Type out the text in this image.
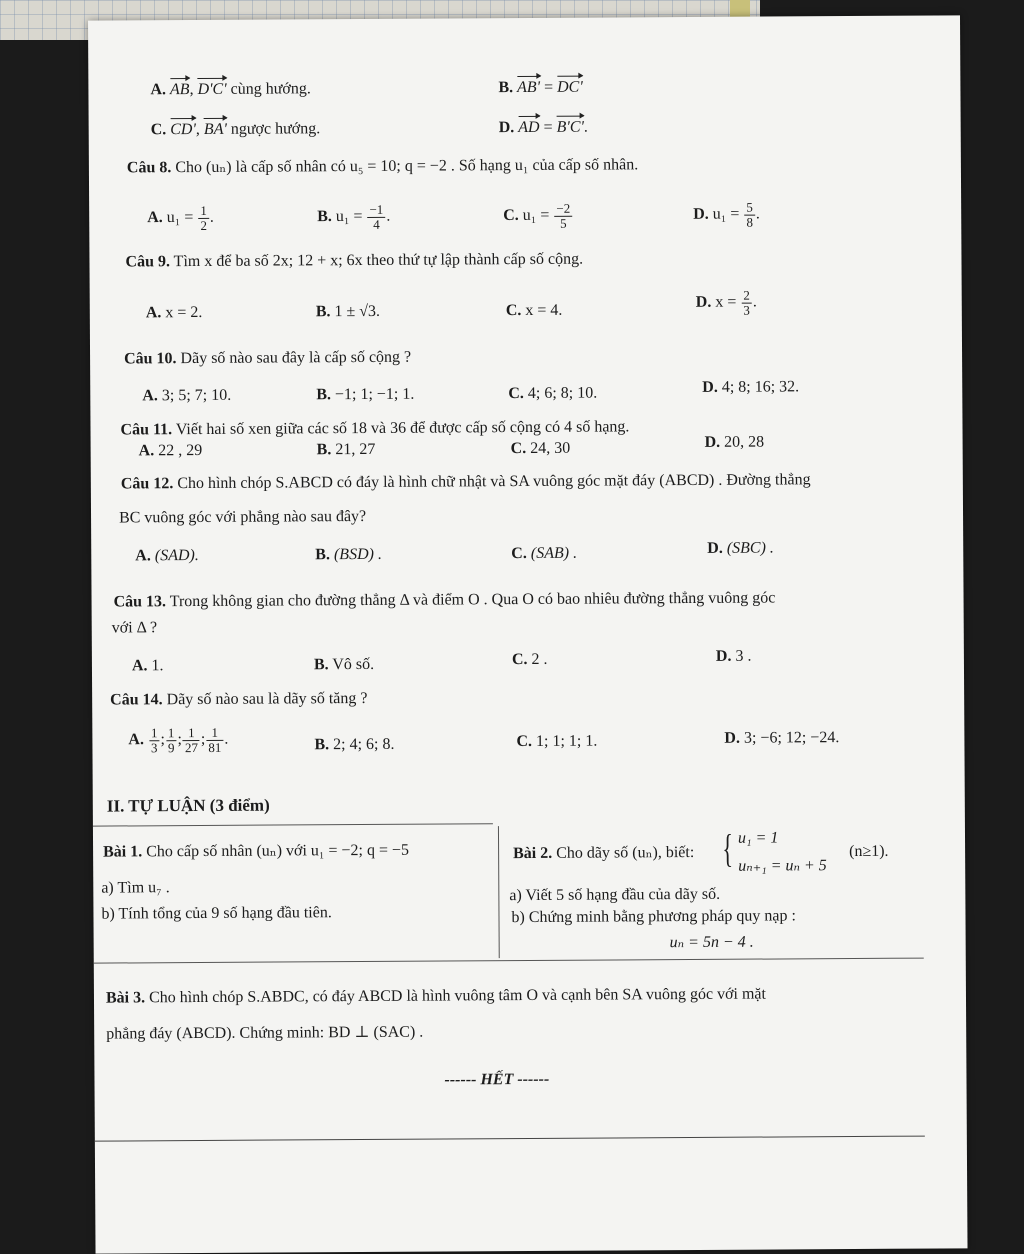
A. AB, D'C' cùng hướng.	B. AB' = DC'
C. CD', BA' ngược hướng.	D. AD = B'C'.
Câu 8. Cho (uₙ) là cấp số nhân có u₅ = 10; q = −2 . Số hạng u₁ của cấp số nhân.
A. $u_1 = \frac{1}{2}$ .	B. $u_1 = \frac{-1}{4}$ .	C. $u_1 = \frac{-2}{5}$	D. $u_1 = \frac{5}{8}$ .
Câu 9. Tìm x để ba số 2x; 12 + x; 6x theo thứ tự lập thành cấp số cộng.
A. x = 2.	B. 1 ± √3.	C. x = 4.	D. $x = \frac{2}{3}$ .
Câu 10. Dãy số nào sau đây là cấp số cộng ?
A. 3; 5; 7; 10.	B. −1; 1; −1; 1.	C. 4; 6; 8; 10.	D. 4; 8; 16; 32.
Câu 11. Viết hai số xen giữa các số 18 và 36 để được cấp số cộng có 4 số hạng.
A. 22 , 29	B. 21, 27	C. 24, 30	D. 20, 28
Câu 12. Cho hình chóp S.ABCD có đáy là hình chữ nhật và SA vuông góc mặt đáy (ABCD) . Đường thẳng
BC vuông góc với phẳng nào sau đây?
A. (SAD).	B. (BSD) .	C. (SAB) .	D. (SBC) .
Câu 13. Trong không gian cho đường thẳng Δ và điểm O . Qua O có bao nhiêu đường thẳng vuông góc
với Δ ?
A. 1.	B. Vô số.	C. 2 .	D. 3 .
Câu 14. Dãy số nào sau là dãy số tăng ?
A. $\frac{1}{3}$ ; $\frac{1}{9}$ ; $\frac{1}{27}$ ; $\frac{1}{81}$ .	B. 2; 4; 6; 8.	C. 1; 1; 1; 1.	D. 3; −6; 12; −24.
II. TỰ LUẬN (3 điểm)
Bài 1. Cho cấp số nhân (uₙ) với u₁ = −2; q = −5
a) Tìm u₇ .
b) Tính tổng của 9 số hạng đầu tiên.
Bài 2. Cho dãy số (uₙ), biết: { u₁ = 1
uₙ₊₁ = uₙ + 5
(n≥1).
a) Viết 5 số hạng đầu của dãy số.
b) Chứng minh bằng phương pháp quy nạp :
uₙ = 5n − 4 .
Bài 3. Cho hình chóp S.ABDC, có đáy ABCD là hình vuông tâm O và cạnh bên SA vuông góc với mặt
phẳng đáy (ABCD). Chứng minh: BD ⊥ (SAC) .
------ HẾT ------
